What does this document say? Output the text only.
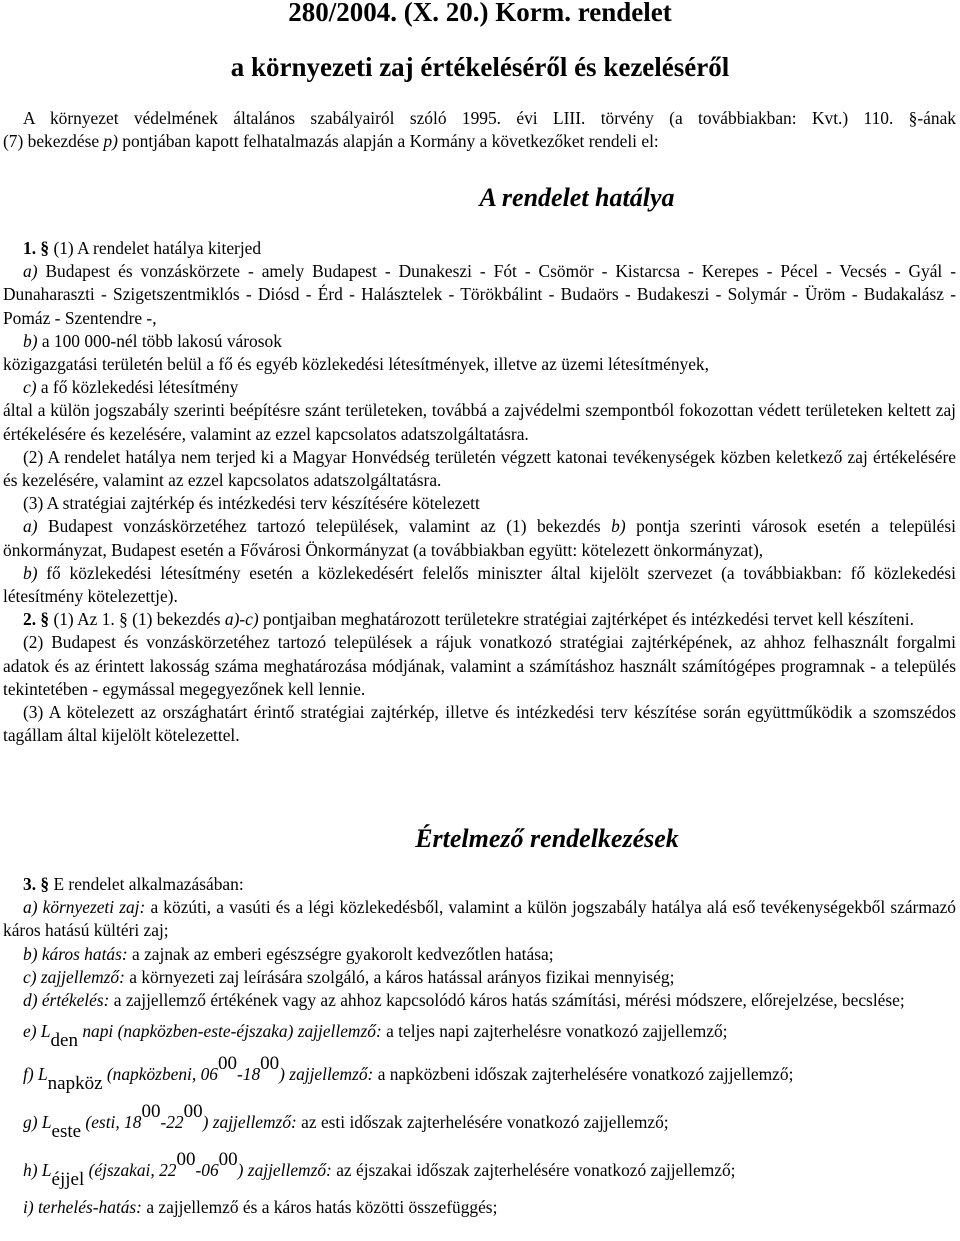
280/2004. (X. 20.) Korm. rendelet
a környezeti zaj értékeléséről és kezeléséről

A környezet védelmének általános szabályairól szóló 1995. évi LIII. törvény (a továbbiakban: Kvt.) 110. §-ának

(7) bekezdése p) pontjában kapott felhatalmazás alapján a Kormány a következőket rendeli el:

A rendelet hatálya

1. § (1) A rendelet hatálya kiterjed

a) Budapest és vonzáskörzete - amely Budapest - Dunakeszi - Fót - Csömör - Kistarcsa - Kerepes - Pécel - Vecsés - Gyál - Dunaharaszti - Szigetszentmiklós - Diósd - Érd - Halásztelek - Törökbálint - Budaörs - Budakeszi - Solymár - Üröm - Budakalász - Pomáz - Szentendre -,

b) a 100 000-nél több lakosú városok

közigazgatási területén belül a fő és egyéb közlekedési létesítmények, illetve az üzemi létesítmények,

c) a fő közlekedési létesítmény

által a külön jogszabály szerinti beépítésre szánt területeken, továbbá a zajvédelmi szempontból fokozottan védett területeken keltett zaj értékelésére és kezelésére, valamint az ezzel kapcsolatos adatszolgáltatásra.

(2) A rendelet hatálya nem terjed ki a Magyar Honvédség területén végzett katonai tevékenységek közben keletkező zaj értékelésére és kezelésére, valamint az ezzel kapcsolatos adatszolgáltatásra.

(3) A stratégiai zajtérkép és intézkedési terv készítésére kötelezett

a) Budapest vonzáskörzetéhez tartozó települések, valamint az (1) bekezdés b) pontja szerinti városok esetén a települési önkormányzat, Budapest esetén a Fővárosi Önkormányzat (a továbbiakban együtt: kötelezett önkormányzat),

b) fő közlekedési létesítmény esetén a közlekedésért felelős miniszter által kijelölt szervezet (a továbbiakban: fő közlekedési létesítmény kötelezettje).

2. § (1) Az 1. § (1) bekezdés a)-c) pontjaiban meghatározott területekre stratégiai zajtérképet és intézkedési tervet kell készíteni.

(2) Budapest és vonzáskörzetéhez tartozó települések a rájuk vonatkozó stratégiai zajtérképének, az ahhoz felhasznált forgalmi adatok és az érintett lakosság száma meghatározása módjának, valamint a számításhoz használt számítógépes programnak - a település tekintetében - egymással megegyezőnek kell lennie.

(3) A kötelezett az országhatárt érintő stratégiai zajtérkép, illetve és intézkedési terv készítése során együttműködik a szomszédos tagállam által kijelölt kötelezettel.

Értelmező rendelkezések

3. § E rendelet alkalmazásában:

a) környezeti zaj: a közúti, a vasúti és a légi közlekedésből, valamint a külön jogszabály hatálya alá eső tevékenységekből származó káros hatású kültéri zaj;

b) káros hatás: a zajnak az emberi egészségre gyakorolt kedvezőtlen hatása;

c) zajjellemző: a környezeti zaj leírására szolgáló, a káros hatással arányos fizikai mennyiség;

d) értékelés: a zajjellemző értékének vagy az ahhoz kapcsolódó káros hatás számítási, mérési módszere, előrejelzése, becslése;

e) $L_{den}$ napi (napközben-este-éjszaka) zajjellemző: a teljes napi zajterhelésre vonatkozó zajjellemző;

f) $L_{napköz}$ (napközbeni, $06^{00}-18^{00}$) zajjellemző: a napközbeni időszak zajterhelésére vonatkozó zajjellemző;

g) $L_{este}$ (esti, $18^{00}-22^{00}$) zajjellemző: az esti időszak zajterhelésére vonatkozó zajjellemző;

h) $L_{éjjel}$ (éjszakai, $22^{00}-06^{00}$) zajjellemző: az éjszakai időszak zajterhelésére vonatkozó zajjellemző;

i) terhelés-hatás: a zajjellemző és a káros hatás közötti összefüggés;
